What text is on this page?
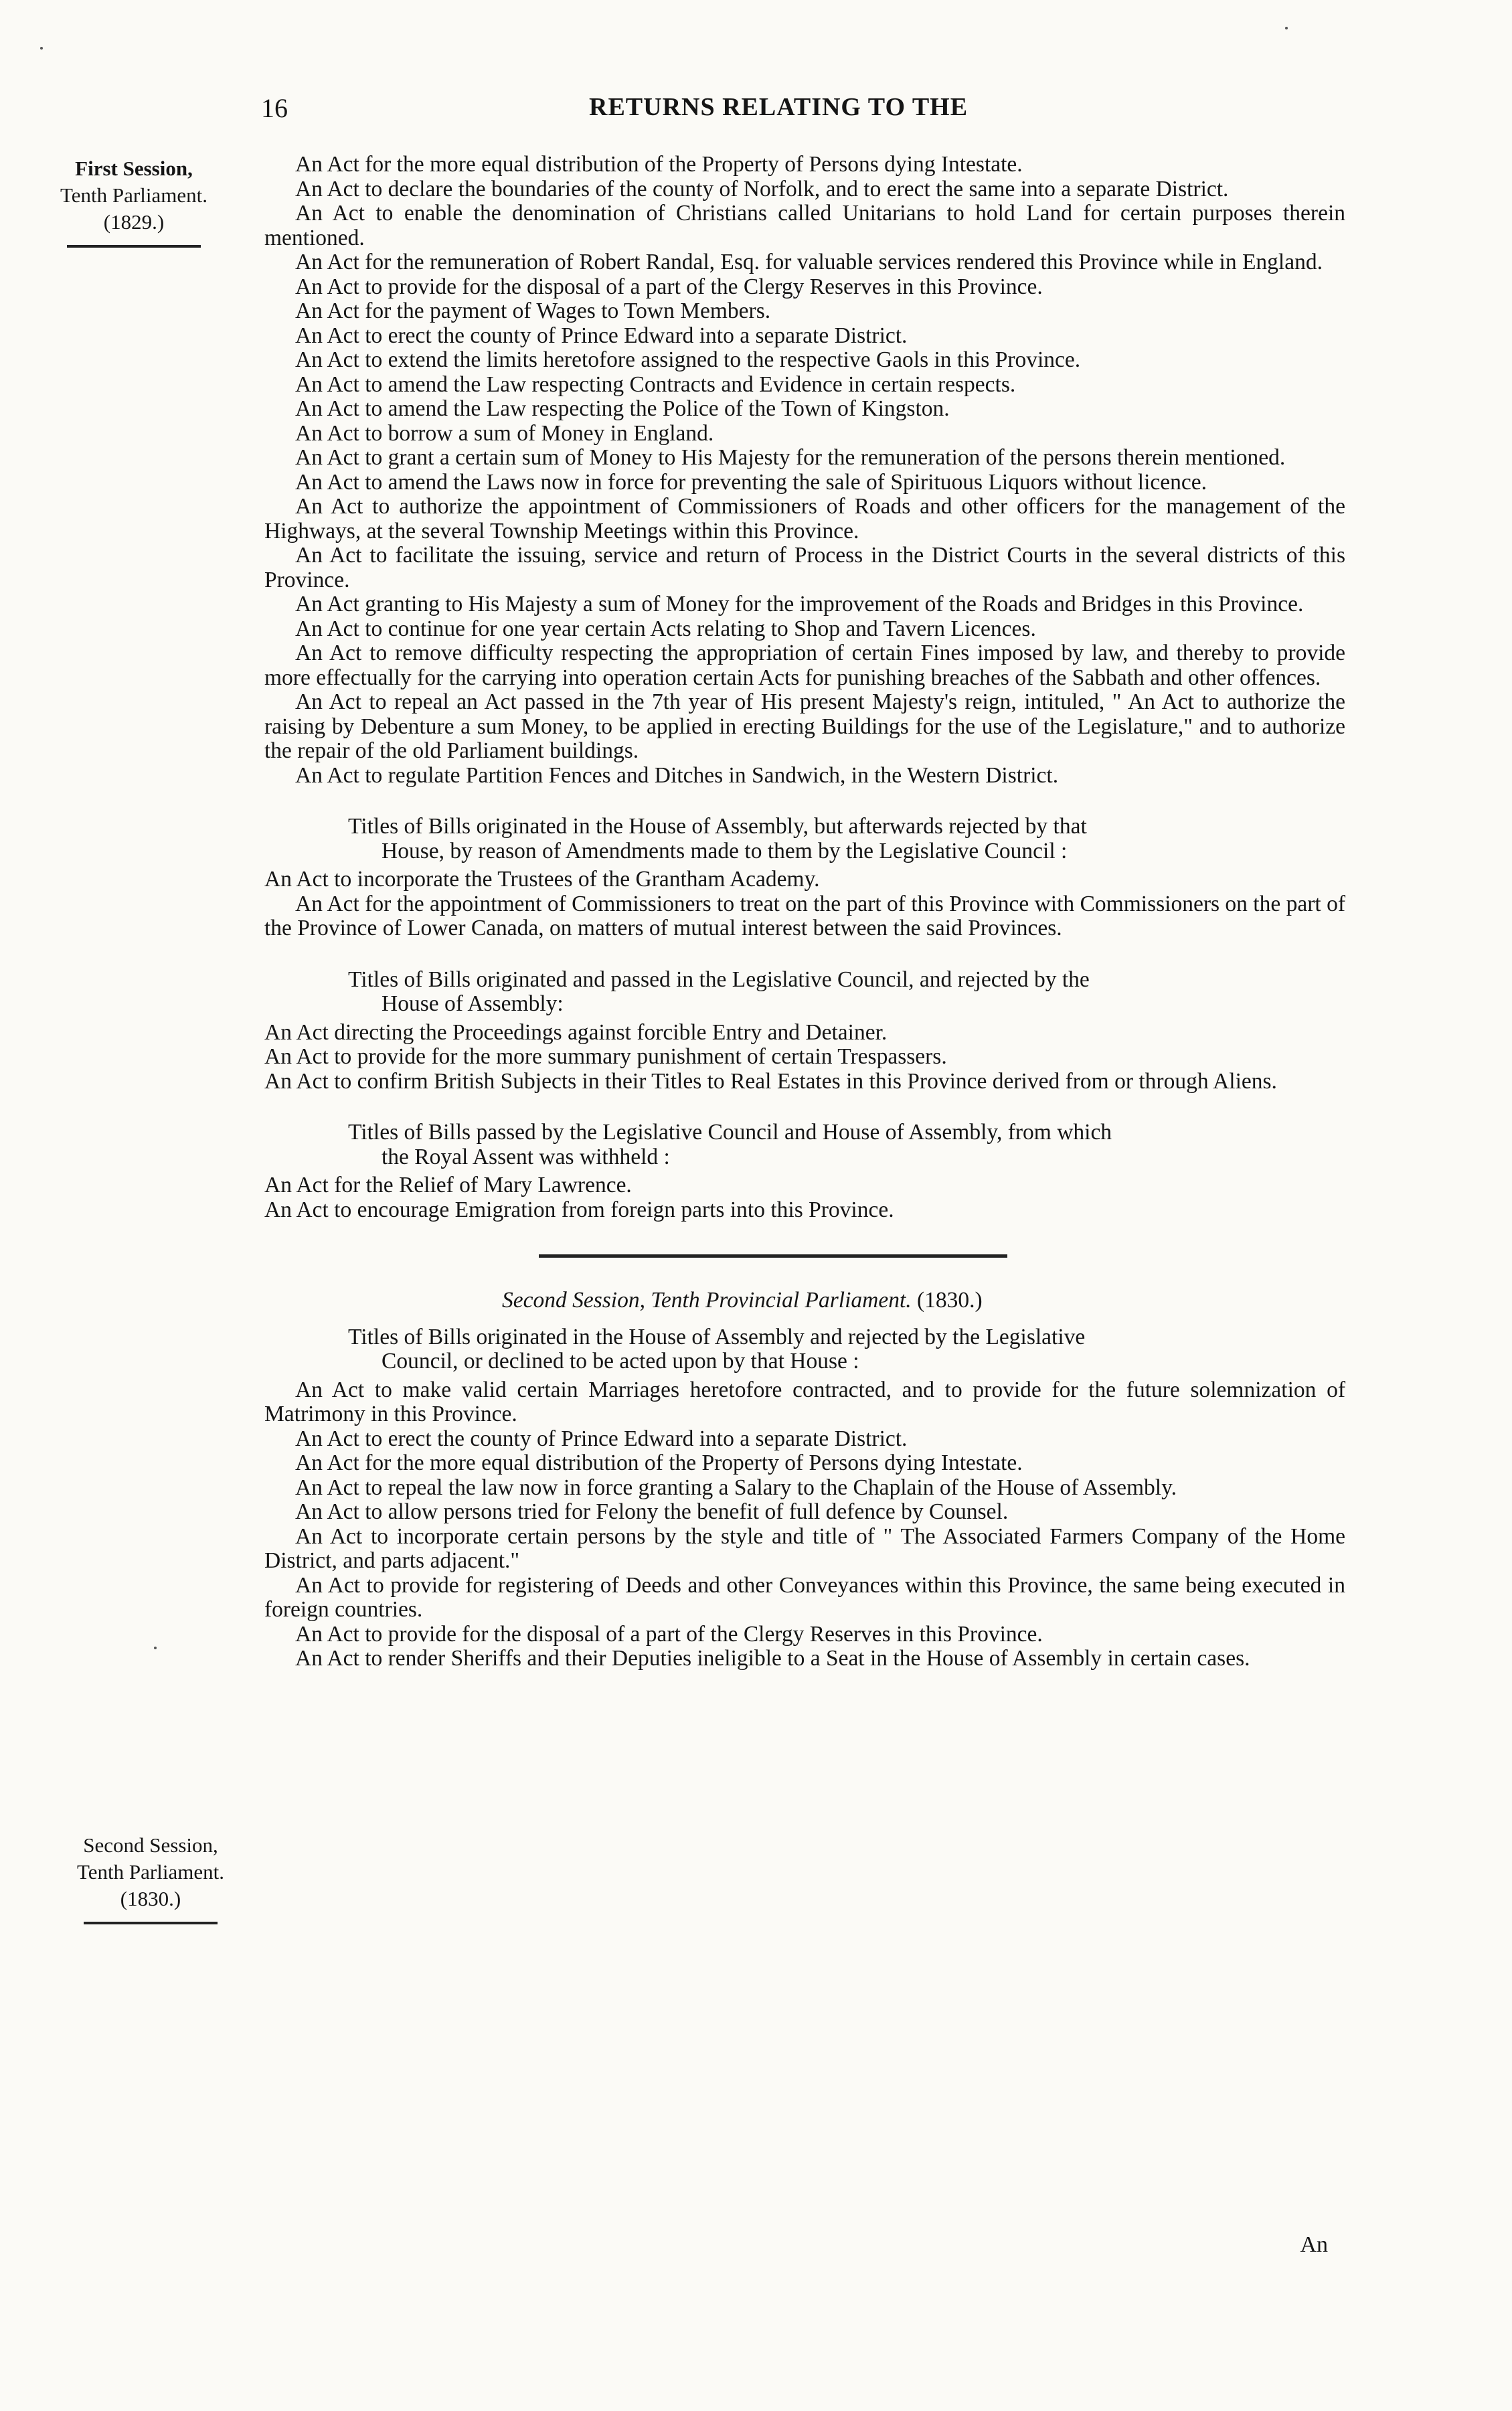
16	RETURNS RELATING TO THE
First Session,
Tenth Parliament.
(1829.)
Second Session,
Tenth Parliament.
(1830.)

An Act for the more equal distribution of the Property of Persons dying Intestate.

An Act to declare the boundaries of the county of Norfolk, and to erect the same into a separate District.

An Act to enable the denomination of Christians called Unitarians to hold Land for certain purposes therein mentioned.

An Act for the remuneration of Robert Randal, Esq. for valuable services rendered this Province while in England.

An Act to provide for the disposal of a part of the Clergy Reserves in this Province.

An Act for the payment of Wages to Town Members.

An Act to erect the county of Prince Edward into a separate District.

An Act to extend the limits heretofore assigned to the respective Gaols in this Province.

An Act to amend the Law respecting Contracts and Evidence in certain respects.

An Act to amend the Law respecting the Police of the Town of Kingston.

An Act to borrow a sum of Money in England.

An Act to grant a certain sum of Money to His Majesty for the remuneration of the persons therein mentioned.

An Act to amend the Laws now in force for preventing the sale of Spirituous Liquors without licence.

An Act to authorize the appointment of Commissioners of Roads and other officers for the management of the Highways, at the several Township Meetings within this Province.

An Act to facilitate the issuing, service and return of Process in the District Courts in the several districts of this Province.

An Act granting to His Majesty a sum of Money for the improvement of the Roads and Bridges in this Province.

An Act to continue for one year certain Acts relating to Shop and Tavern Licences.

An Act to remove difficulty respecting the appropriation of certain Fines imposed by law, and thereby to provide more effectually for the carrying into operation certain Acts for punishing breaches of the Sabbath and other offences.

An Act to repeal an Act passed in the 7th year of His present Majesty's reign, intituled, " An Act to authorize the raising by Debenture a sum Money, to be applied in erecting Buildings for the use of the Legislature," and to authorize the repair of the old Parliament buildings.

An Act to regulate Partition Fences and Ditches in Sandwich, in the Western District.

Titles of Bills originated in the House of Assembly, but afterwards rejected by that
House, by reason of Amendments made to them by the Legislative Council :

An Act to incorporate the Trustees of the Grantham Academy.

An Act for the appointment of Commissioners to treat on the part of this Province with Commissioners on the part of the Province of Lower Canada, on matters of mutual interest between the said Provinces.

Titles of Bills originated and passed in the Legislative Council, and rejected by the
House of Assembly:

An Act directing the Proceedings against forcible Entry and Detainer.

An Act to provide for the more summary punishment of certain Trespassers.

An Act to confirm British Subjects in their Titles to Real Estates in this Province derived from or through Aliens.

Titles of Bills passed by the Legislative Council and House of Assembly, from which
the Royal Assent was withheld :

An Act for the Relief of Mary Lawrence.

An Act to encourage Emigration from foreign parts into this Province.

Second Session, Tenth Provincial Parliament. (1830.)
Titles of Bills originated in the House of Assembly and rejected by the Legislative
Council, or declined to be acted upon by that House :

An Act to make valid certain Marriages heretofore contracted, and to provide for the future solemnization of Matrimony in this Province.

An Act to erect the county of Prince Edward into a separate District.

An Act for the more equal distribution of the Property of Persons dying Intestate.

An Act to repeal the law now in force granting a Salary to the Chaplain of the House of Assembly.

An Act to allow persons tried for Felony the benefit of full defence by Counsel.

An Act to incorporate certain persons by the style and title of " The Associated Farmers Company of the Home District, and parts adjacent."

An Act to provide for registering of Deeds and other Conveyances within this Province, the same being executed in foreign countries.

An Act to provide for the disposal of a part of the Clergy Reserves in this Province.

An Act to render Sheriffs and their Deputies ineligible to a Seat in the House of Assembly in certain cases.

An
